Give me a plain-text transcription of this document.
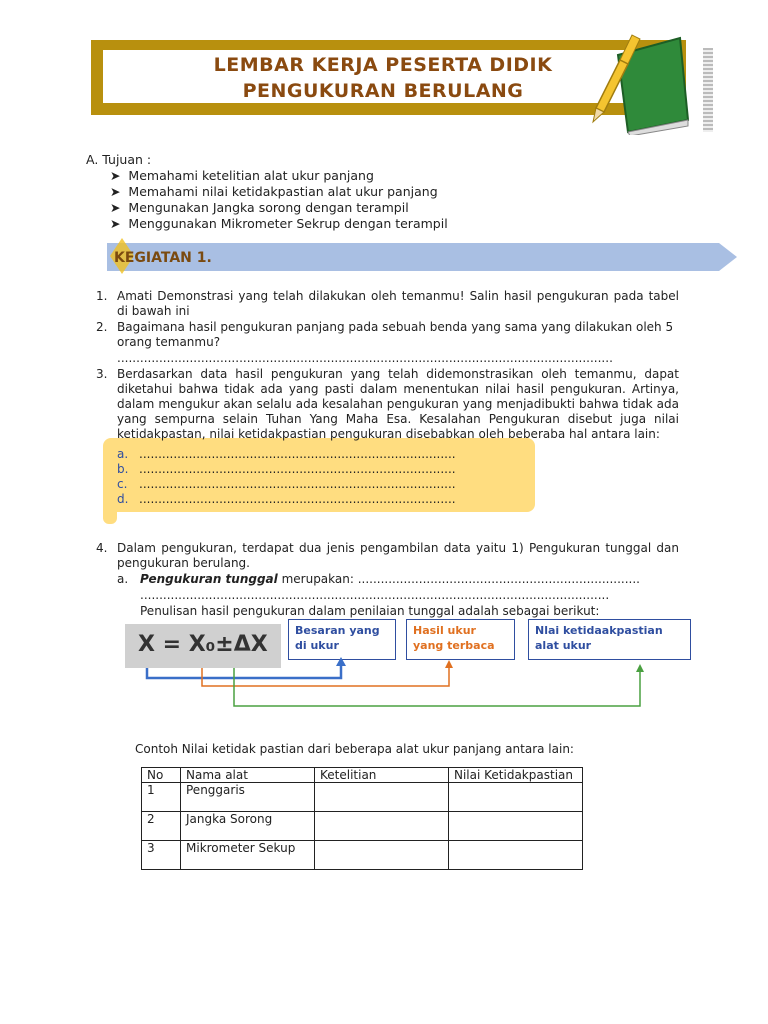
LEMBAR KERJA PESERTA DIDIK
PENGUKURAN BERULANG
A. Tujuan :
➤  Memahami ketelitian alat ukur panjang
➤  Memahami nilai ketidakpastian alat ukur panjang
➤  Mengunakan Jangka sorong dengan terampil
➤  Menggunakan Mikrometer Sekrup dengan terampil
KEGIATAN 1.
1. Amati Demonstrasi yang telah dilakukan oleh temanmu! Salin hasil pengukuran pada tabel di bawah ini
2. Bagaimana hasil pengukuran panjang pada sebuah benda yang sama yang dilakukan oleh 5 orang temanmu?
..................................................................................................................................
3. Berdasarkan data hasil pengukuran yang telah didemonstrasikan oleh temanmu, dapat diketahui bahwa tidak ada yang pasti dalam menentukan nilai hasil pengukuran. Artinya, dalam mengukur akan selalu ada kesalahan pengukuran yang menjadibukti bahwa tidak ada yang sempurna selain Tuhan Yang Maha Esa. Kesalahan Pengukuran disebut juga nilai ketidakpastan, nilai ketidakpastian pengukuran disebabkan oleh beberaba hal antara lain:
a. ...................................................................................
b. ...................................................................................
c. ...................................................................................
d. ...................................................................................
4. Dalam pengukuran, terdapat dua jenis pengambilan data yaitu 1) Pengukuran tunggal dan pengukuran berulang.
a. Pengukuran tunggal merupakan: ..........................................................................
...........................................................................................................................
Penulisan hasil pengukuran dalam penilaian tunggal adalah sebagai berikut:
X = X₀±ΔX
Besaran yang di ukur
Hasil ukur yang terbaca
Nlai ketidaakpastian alat ukur
Contoh Nilai ketidak pastian dari beberapa alat ukur panjang antara lain:
No	Nama alat	Ketelitian	Nilai Ketidakpastian
1	Penggaris		
2	Jangka Sorong		
3	Mikrometer Sekup		
